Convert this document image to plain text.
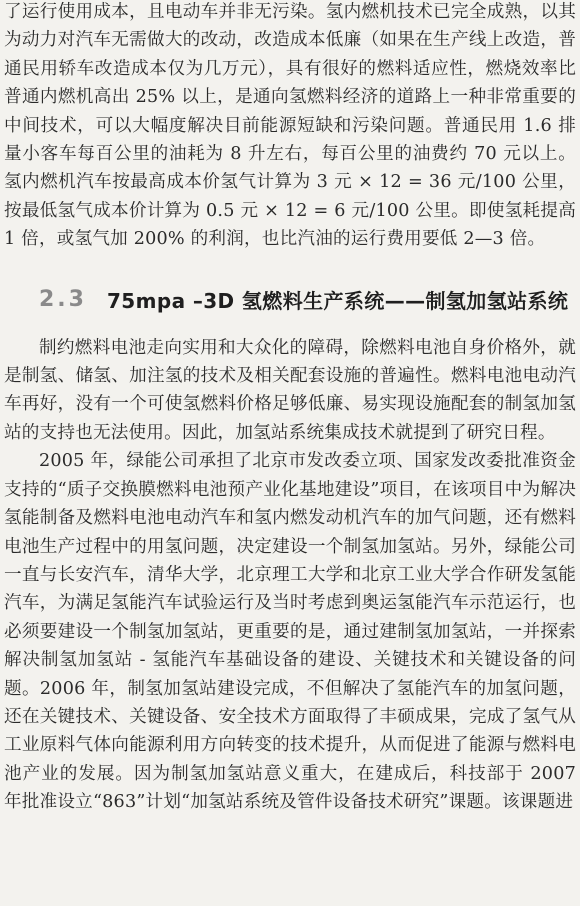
了运行使用成本，且电动车并非无污染。氢内燃机技术已完全成熟，以其为动力对汽车无需做大的改动，改造成本低廉（如果在生产线上改造，普通民用轿车改造成本仅为几万元），具有很好的燃料适应性，燃烧效率比普通内燃机高出 25% 以上，是通向氢燃料经济的道路上一种非常重要的中间技术，可以大幅度解决目前能源短缺和污染问题。普通民用 1.6 排量小客车每百公里的油耗为 8 升左右，每百公里的油费约 70 元以上。氢内燃机汽车按最高成本价氢气计算为 3 元 × 12 = 36 元/100 公里，按最低氢气成本价计算为 0.5 元 × 12 = 6 元/100 公里。即使氢耗提高 1 倍，或氢气加 200% 的利润，也比汽油的运行费用要低 2—3 倍。

2.3 75mpa –3D 氢燃料生产系统——制氢加氢站系统

制约燃料电池走向实用和大众化的障碍，除燃料电池自身价格外，就是制氢、储氢、加注氢的技术及相关配套设施的普遍性。燃料电池电动汽车再好，没有一个可使氢燃料价格足够低廉、易实现设施配套的制氢加氢站的支持也无法使用。因此，加氢站系统集成技术就提到了研究日程。

2005 年，绿能公司承担了北京市发改委立项、国家发改委批准资金支持的“质子交换膜燃料电池预产业化基地建设”项目，在该项目中为解决氢能制备及燃料电池电动汽车和氢内燃发动机汽车的加气问题，还有燃料电池生产过程中的用氢问题，决定建设一个制氢加氢站。另外，绿能公司一直与长安汽车，清华大学，北京理工大学和北京工业大学合作研发氢能汽车，为满足氢能汽车试验运行及当时考虑到奥运氢能汽车示范运行，也必须要建设一个制氢加氢站，更重要的是，通过建制氢加氢站，一并探索解决制氢加氢站 - 氢能汽车基础设备的建设、关键技术和关键设备的问题。2006 年，制氢加氢站建设完成，不但解决了氢能汽车的加氢问题，还在关键技术、关键设备、安全技术方面取得了丰硕成果，完成了氢气从工业原料气体向能源利用方向转变的技术提升，从而促进了能源与燃料电池产业的发展。因为制氢加氢站意义重大，在建成后，科技部于 2007 年批准设立“863”计划“加氢站系统及管件设备技术研究”课题。该课题进
